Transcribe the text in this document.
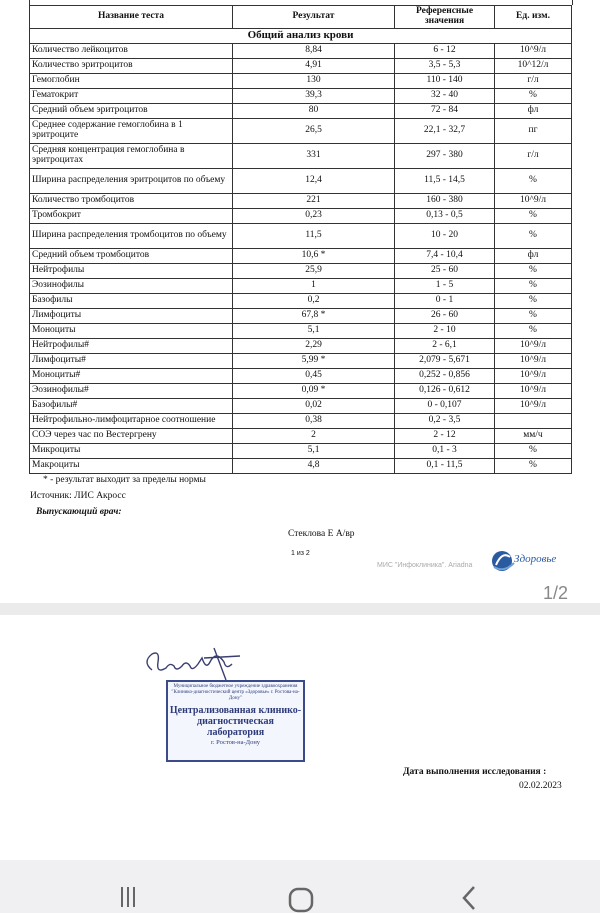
Название теста	Результат	Референсные значения	Ед. изм.
Общий анализ крови			
Количество лейкоцитов	8,84	6 - 12	10^9/л
Количество эритроцитов	4,91	3,5 - 5,3	10^12/л
Гемоглобин	130	110 - 140	г/л
Гематокрит	39,3	32 - 40	%
Средний объем эритроцитов	80	72 - 84	фл
Среднее содержание гемоглобина в 1 эритроците	26,5	22,1 - 32,7	пг
Средняя концентрация гемоглобина в эритроцитах	331	297 - 380	г/л
Ширина распределения эритроцитов по объему	12,4	11,5 - 14,5	%
Количество тромбоцитов	221	160 - 380	10^9/л
Тромбокрит	0,23	0,13 - 0,5	%
Ширина распределения тромбоцитов по объему	11,5	10 - 20	%
Средний объем тромбоцитов	10,6 *	7,4 - 10,4	фл
Нейтрофилы	25,9	25 - 60	%
Эозинофилы	1	1 - 5	%
Базофилы	0,2	0 - 1	%
Лимфоциты	67,8 *	26 - 60	%
Моноциты	5,1	2 - 10	%
Нейтрофилы#	2,29	2 - 6,1	10^9/л
Лимфоциты#	5,99 *	2,079 - 5,671	10^9/л
Моноциты#	0,45	0,252 - 0,856	10^9/л
Эозинофилы#	0,09 *	0,126 - 0,612	10^9/л
Базофилы#	0,02	0 - 0,107	10^9/л
Нейтрофильно-лимфоцитарное соотношение	0,38	0,2 - 3,5	
СОЭ через час по Вестергрену	2	2 - 12	мм/ч
Микроциты	5,1	0,1 - 3	%
Макроциты	4,8	0,1 - 11,5	%
* - результат выходит за пределы нормы
Источник: ЛИС Акросс
Выпускающий врач:
Стеклова Е А/вр
1 из 2
МИС "Инфоклиника". Ariadna
Здоровье
1/2
Муниципальное бюджетное учреждение здравоохранения "Клинико-диагностический центр «Здоровье» г. Ростова-на-Дону"
Централизованная клинико-диагностическая лаборатория
г. Ростов-на-Дону
Дата выполнения исследования :
02.02.2023
